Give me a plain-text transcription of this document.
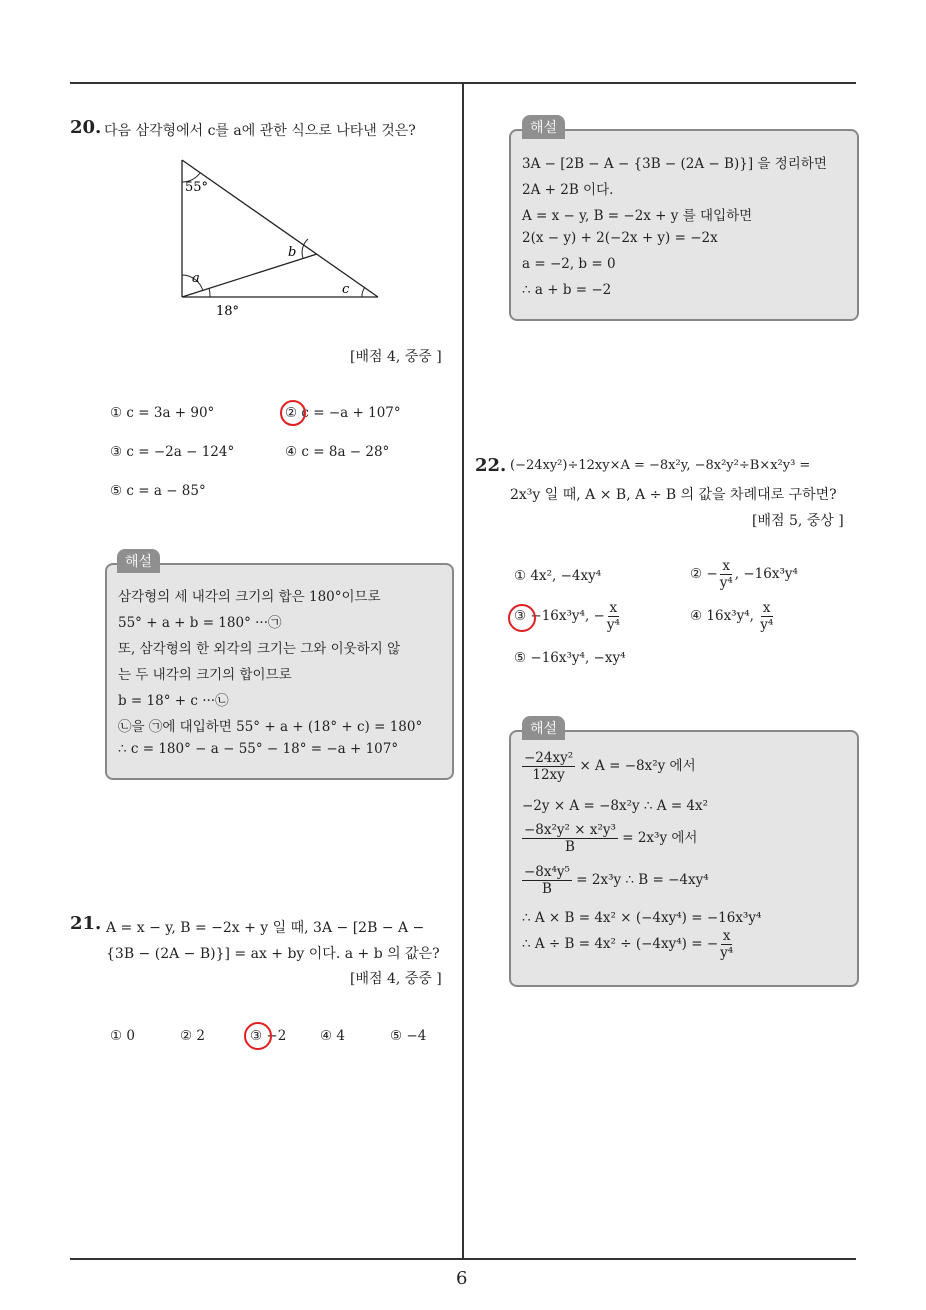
6
20. 다음 삼각형에서 c를 a에 관한 식으로 나타낸 것은?
55°
a
b
c
18°
[배점 4, 중중 ]
① c = 3a + 90°	② c = −a + 107°
③ c = −2a − 124°	④ c = 8a − 28°
⑤ c = a − 85°
해설
삼각형의 세 내각의 크기의 합은 180°이므로
55° + a + b = 180° ···㉠
또, 삼각형의 한 외각의 크기는 그와 이웃하지 않
는 두 내각의 크기의 합이므로
b = 18° + c ···㉡
㉡을 ㉠에 대입하면 55° + a + (18° + c) = 180°
∴ c = 180° − a − 55° − 18° = −a + 107°
21. A = x − y, B = −2x + y 일 때, 3A − [2B − A −
{3B − (2A − B)}] = ax + by 이다. a + b 의 값은?
[배점 4, 중중 ]
① 0	② 2	③ −2 ④ 4	⑤ −4
해설
3A − [2B − A − {3B − (2A − B)}] 을 정리하면
2A + 2B 이다.
A = x − y, B = −2x + y 를 대입하면
2(x − y) + 2(−2x + y) = −2x
a = −2, b = 0
∴ a + b = −2
22. (−24xy²)÷12xy×A = −8x²y, −8x²y²÷B×x²y³ =
2x³y 일 때, A × B, A ÷ B 의 값을 차례대로 구하면?
[배점 5, 중상 ]
① 4x², −4xy⁴	② − $\frac{x}{\text{y⁴}}$ , −16x³y⁴
③ −16x³y⁴, − $\frac{x}{\text{y⁴}}$	④ 16x³y⁴, $\frac{x}{\text{y⁴}}$
⑤ −16x³y⁴, −xy⁴
해설
$\frac{\text{−24xy²}}{12xy} \times A = -8x^2y$ 에서
−2y × A = −8x²y ∴ A = 4x²
$\frac{\text{−8x²y² × x²y³}}{B} = 2x^3y$ 에서
$\frac{\text{−8x⁴y⁵}}{B} = 2x^3y$ ∴ B = −4xy⁴
∴ A × B = 4x² × (−4xy⁴) = −16x³y⁴
∴ A ÷ B = 4x² ÷ (−4xy⁴) = − $\frac{x}{\text{y⁴}}$
